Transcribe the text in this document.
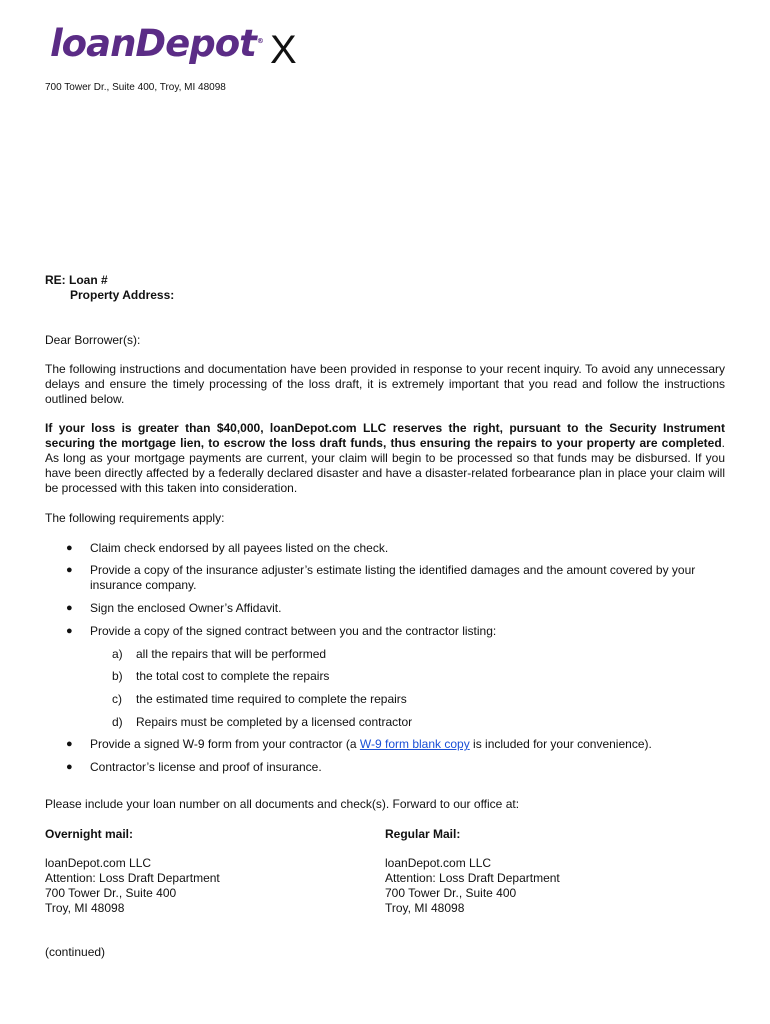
loanDepot® X
700 Tower Dr., Suite 400, Troy, MI 48098
RE: Loan #
Property Address:
Dear Borrower(s):
The following instructions and documentation have been provided in response to your recent inquiry. To avoid any unnecessary delays and ensure the timely processing of the loss draft, it is extremely important that you read and follow the instructions outlined below.
If your loss is greater than $40,000, loanDepot.com LLC reserves the right, pursuant to the Security Instrument securing the mortgage lien, to escrow the loss draft funds, thus ensuring the repairs to your property are completed. As long as your mortgage payments are current, your claim will begin to be processed so that funds may be disbursed. If you have been directly affected by a federally declared disaster and have a disaster-related forbearance plan in place your claim will be processed with this taken into consideration.
The following requirements apply:
● Claim check endorsed by all payees listed on the check.
● Provide a copy of the insurance adjuster’s estimate listing the identified damages and the amount covered by your insurance company.
● Sign the enclosed Owner’s Affidavit.
● Provide a copy of the signed contract between you and the contractor listing:
a) all the repairs that will be performed
b) the total cost to complete the repairs
c) the estimated time required to complete the repairs
d) Repairs must be completed by a licensed contractor
● Provide a signed W-9 form from your contractor (a W-9 form blank copy is included for your convenience).
● Contractor’s license and proof of insurance.
Please include your loan number on all documents and check(s). Forward to our office at:
Overnight mail:	Regular Mail:
loanDepot.com LLC
Attention: Loss Draft Department
700 Tower Dr., Suite 400
Troy, MI 48098
loanDepot.com LLC
Attention: Loss Draft Department
700 Tower Dr., Suite 400
Troy, MI 48098
(continued)
